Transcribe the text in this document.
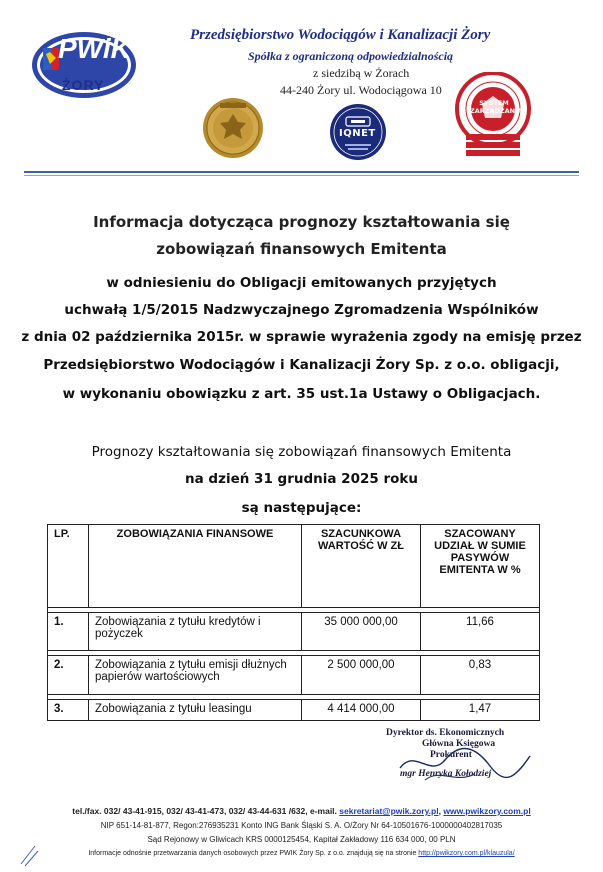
PWiK
ŻORY
Przedsiębiorstwo Wodociągów i Kanalizacji Żory
Spółka z ograniczoną odpowiedzialnością
z siedzibą w Żorach
44-240 Żory ul. Wodociągowa 10
IQNET
SYSTEM ZARZĄDZANIA
Informacja dotycząca prognozy kształtowania się
zobowiązań finansowych Emitenta
w odniesieniu do Obligacji emitowanych przyjętych
uchwałą 1/5/2015 Nadzwyczajnego Zgromadzenia Wspólników
z dnia 02 października 2015r. w sprawie wyrażenia zgody na emisję przez
Przedsiębiorstwo Wodociągów i Kanalizacji Żory Sp. z o.o. obligacji,
w wykonaniu obowiązku z art. 35 ust.1a Ustawy o Obligacjach.
Prognozy kształtowania się zobowiązań finansowych Emitenta
na dzień 31 grudnia 2025 roku
są następujące:
LP.	ZOBOWIĄZANIA FINANSOWE	SZACUNKOWA WARTOŚĆ W ZŁ	SZACOWANY UDZIAŁ W SUMIE PASYWÓW EMITENTA W %

1.	Zobowiązania z tytułu kredytów i pożyczek	35 000 000,00	11,66

2.	Zobowiązania z tytułu emisji dłużnych papierów wartościowych	2 500 000,00	0,83

3.	Zobowiązania z tytułu leasingu	4 414 000,00	1,47
Dyrektor ds. Ekonomicznych
Główna Księgowa
Prokurent
mgr Henryka Kołodziej
tel./fax. 032/ 43-41-915, 032/ 43-41-473, 032/ 43-44-631 /632, e-mail. sekretariat@pwik.zory.pl, www.pwikzory.com.pl
NIP 651-14-81-877, Regon:276935231 Konto ING Bank Śląski S. A. O/Żory Nr 64-10501676-1000000402817035
Sąd Rejonowy w Gliwicach KRS 0000125454, Kapitał Zakładowy 116 634 000, 00 PLN
Informacje odnośnie przetwarzania danych osobowych przez PWIK Żory Sp. z o.o. znajdują się na stronie http://pwikzory.com.pl/klauzula/
